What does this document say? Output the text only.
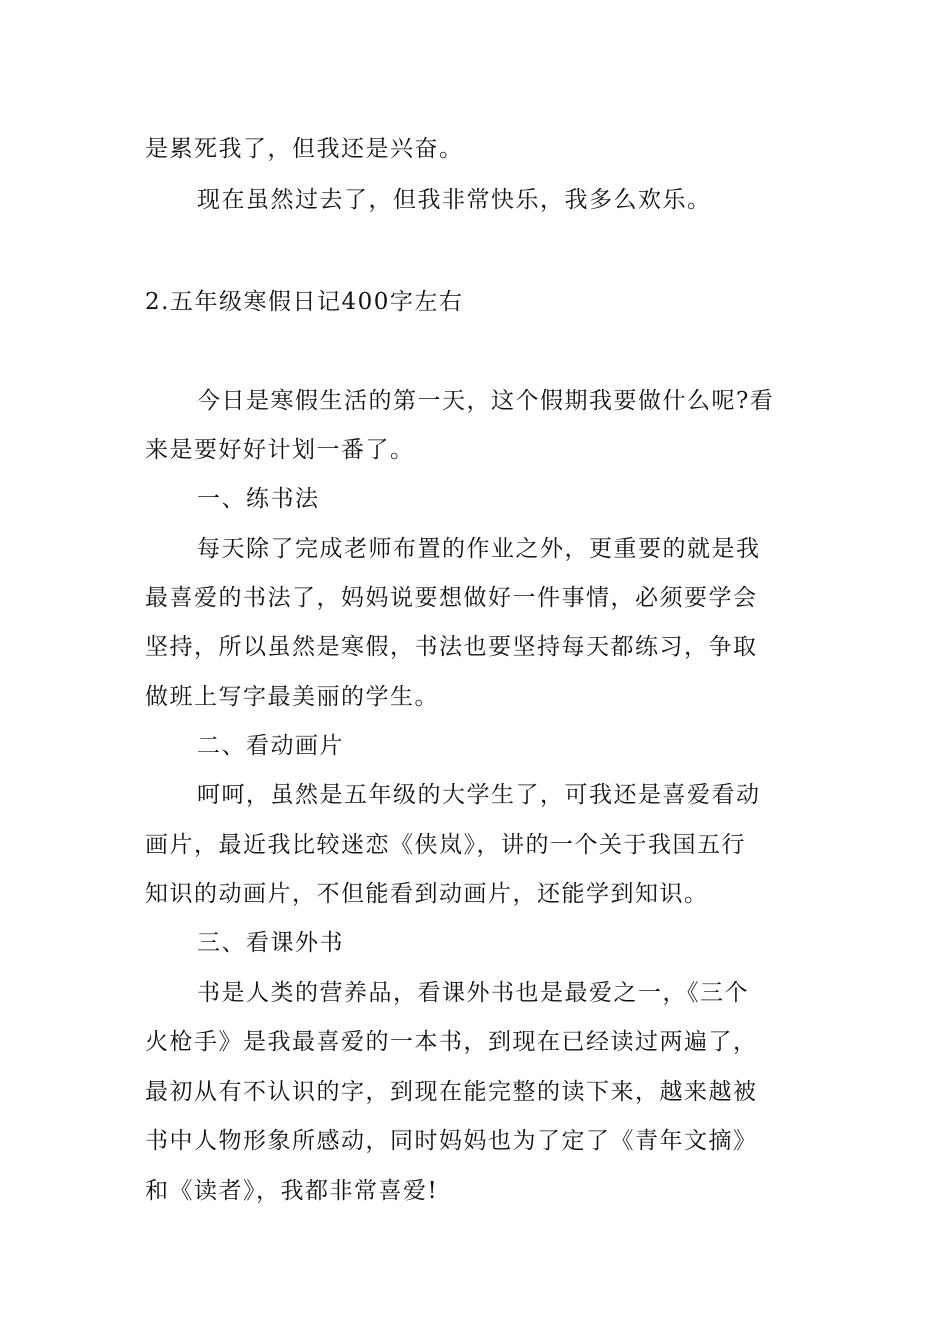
是累死我了，但我还是兴奋。
现在虽然过去了，但我非常快乐，我多么欢乐。
2.五年级寒假日记400字左右
今日是寒假生活的第一天，这个假期我要做什么呢?看
来是要好好计划一番了。
一、练书法
每天除了完成老师布置的作业之外，更重要的就是我
最喜爱的书法了，妈妈说要想做好一件事情，必须要学会
坚持，所以虽然是寒假，书法也要坚持每天都练习，争取
做班上写字最美丽的学生。
二、看动画片
呵呵，虽然是五年级的大学生了，可我还是喜爱看动
画片，最近我比较迷恋《侠岚》，讲的一个关于我国五行
知识的动画片，不但能看到动画片，还能学到知识。
三、看课外书
书是人类的营养品，看课外书也是最爱之一，《三个
火枪手》是我最喜爱的一本书，到现在已经读过两遍了，
最初从有不认识的字，到现在能完整的读下来，越来越被
书中人物形象所感动，同时妈妈也为了定了《青年文摘》
和《读者》，我都非常喜爱!
